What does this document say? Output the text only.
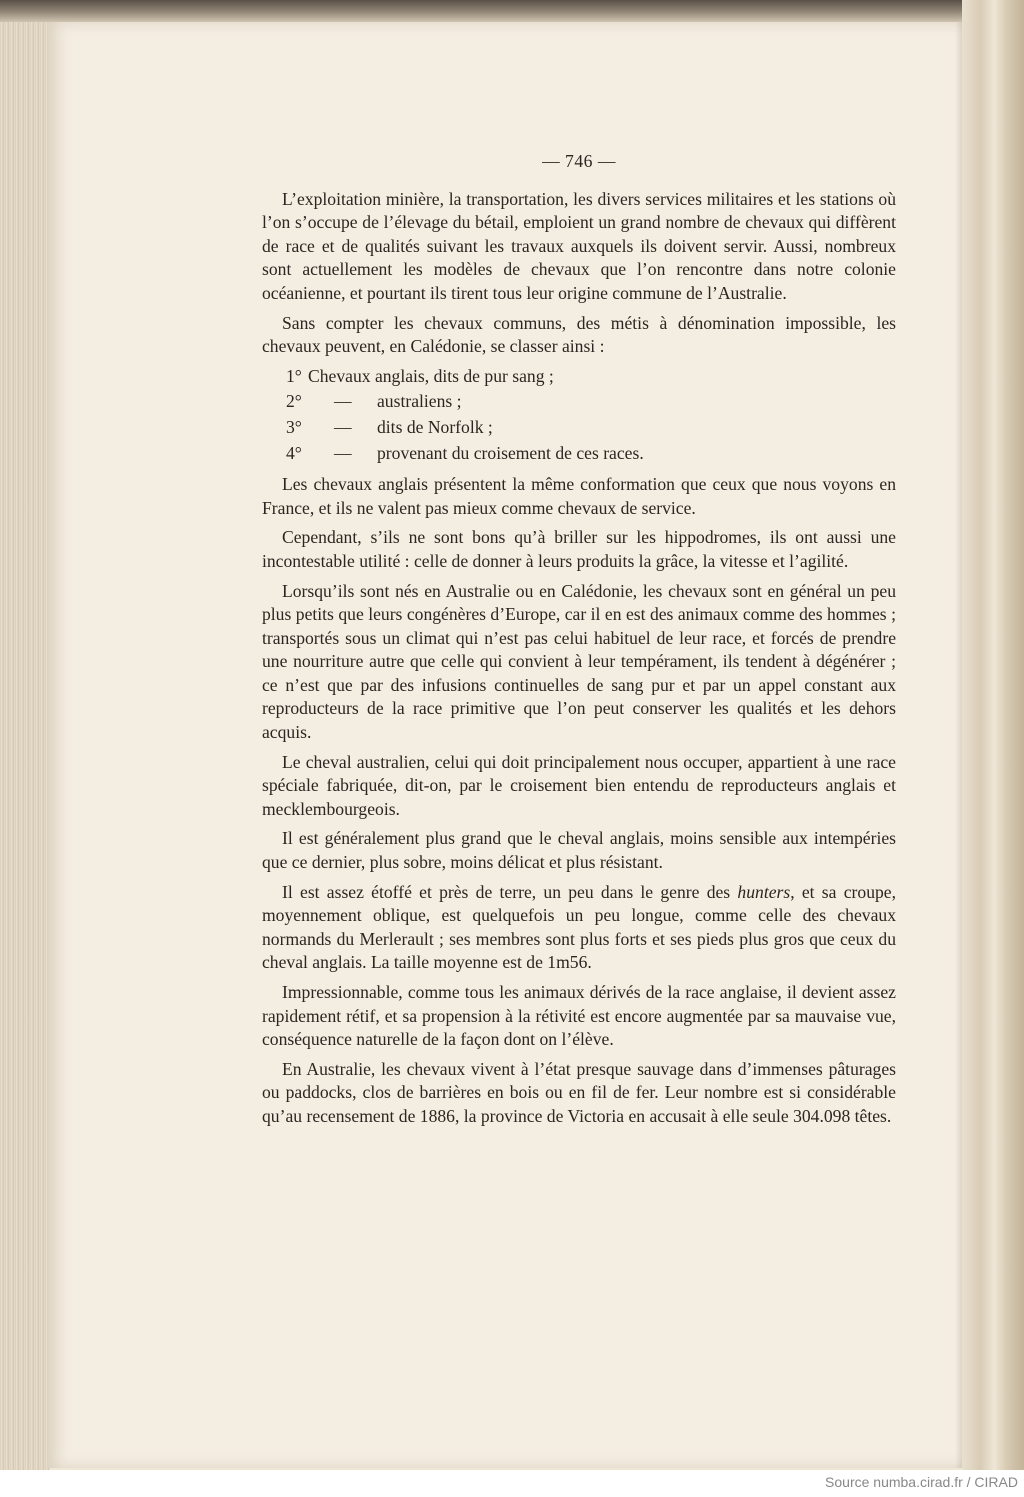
— 746 —

L’exploitation minière, la transportation, les divers services militaires et les stations où l’on s’occupe de l’élevage du bétail, emploient un grand nombre de chevaux qui diffèrent de race et de qualités suivant les travaux auxquels ils doivent servir. Aussi, nombreux sont actuellement les modèles de chevaux que l’on rencontre dans notre colonie océanienne, et pourtant ils tirent tous leur origine commune de l’Australie.

Sans compter les chevaux communs, des métis à dénomination impossible, les chevaux peuvent, en Calédonie, se classer ainsi :

1° Chevaux anglais, dits de pur sang ;
2° — australiens ;
3° — dits de Norfolk ;
4° — provenant du croisement de ces races.

Les chevaux anglais présentent la même conformation que ceux que nous voyons en France, et ils ne valent pas mieux comme chevaux de service.

Cependant, s’ils ne sont bons qu’à briller sur les hippodromes, ils ont aussi une incontestable utilité : celle de donner à leurs produits la grâce, la vitesse et l’agilité.

Lorsqu’ils sont nés en Australie ou en Calédonie, les chevaux sont en général un peu plus petits que leurs congénères d’Europe, car il en est des animaux comme des hommes ; transportés sous un climat qui n’est pas celui habituel de leur race, et forcés de prendre une nourriture autre que celle qui convient à leur tempérament, ils tendent à dégénérer ; ce n’est que par des infusions continuelles de sang pur et par un appel constant aux reproducteurs de la race primitive que l’on peut conserver les qualités et les dehors acquis.

Le cheval australien, celui qui doit principalement nous occuper, appartient à une race spéciale fabriquée, dit-on, par le croisement bien entendu de reproducteurs anglais et mecklembourgeois.

Il est généralement plus grand que le cheval anglais, moins sensible aux intempéries que ce dernier, plus sobre, moins délicat et plus résistant.

Il est assez étoffé et près de terre, un peu dans le genre des hunters, et sa croupe, moyennement oblique, est quelquefois un peu longue, comme celle des chevaux normands du Merlerault ; ses membres sont plus forts et ses pieds plus gros que ceux du cheval anglais. La taille moyenne est de 1m56.

Impressionnable, comme tous les animaux dérivés de la race anglaise, il devient assez rapidement rétif, et sa propension à la rétivité est encore augmentée par sa mauvaise vue, conséquence naturelle de la façon dont on l’élève.

En Australie, les chevaux vivent à l’état presque sauvage dans d’immenses pâturages ou paddocks, clos de barrières en bois ou en fil de fer. Leur nombre est si considérable qu’au recensement de 1886, la province de Victoria en accusait à elle seule 304.098 têtes.

Source numba.cirad.fr / CIRAD
